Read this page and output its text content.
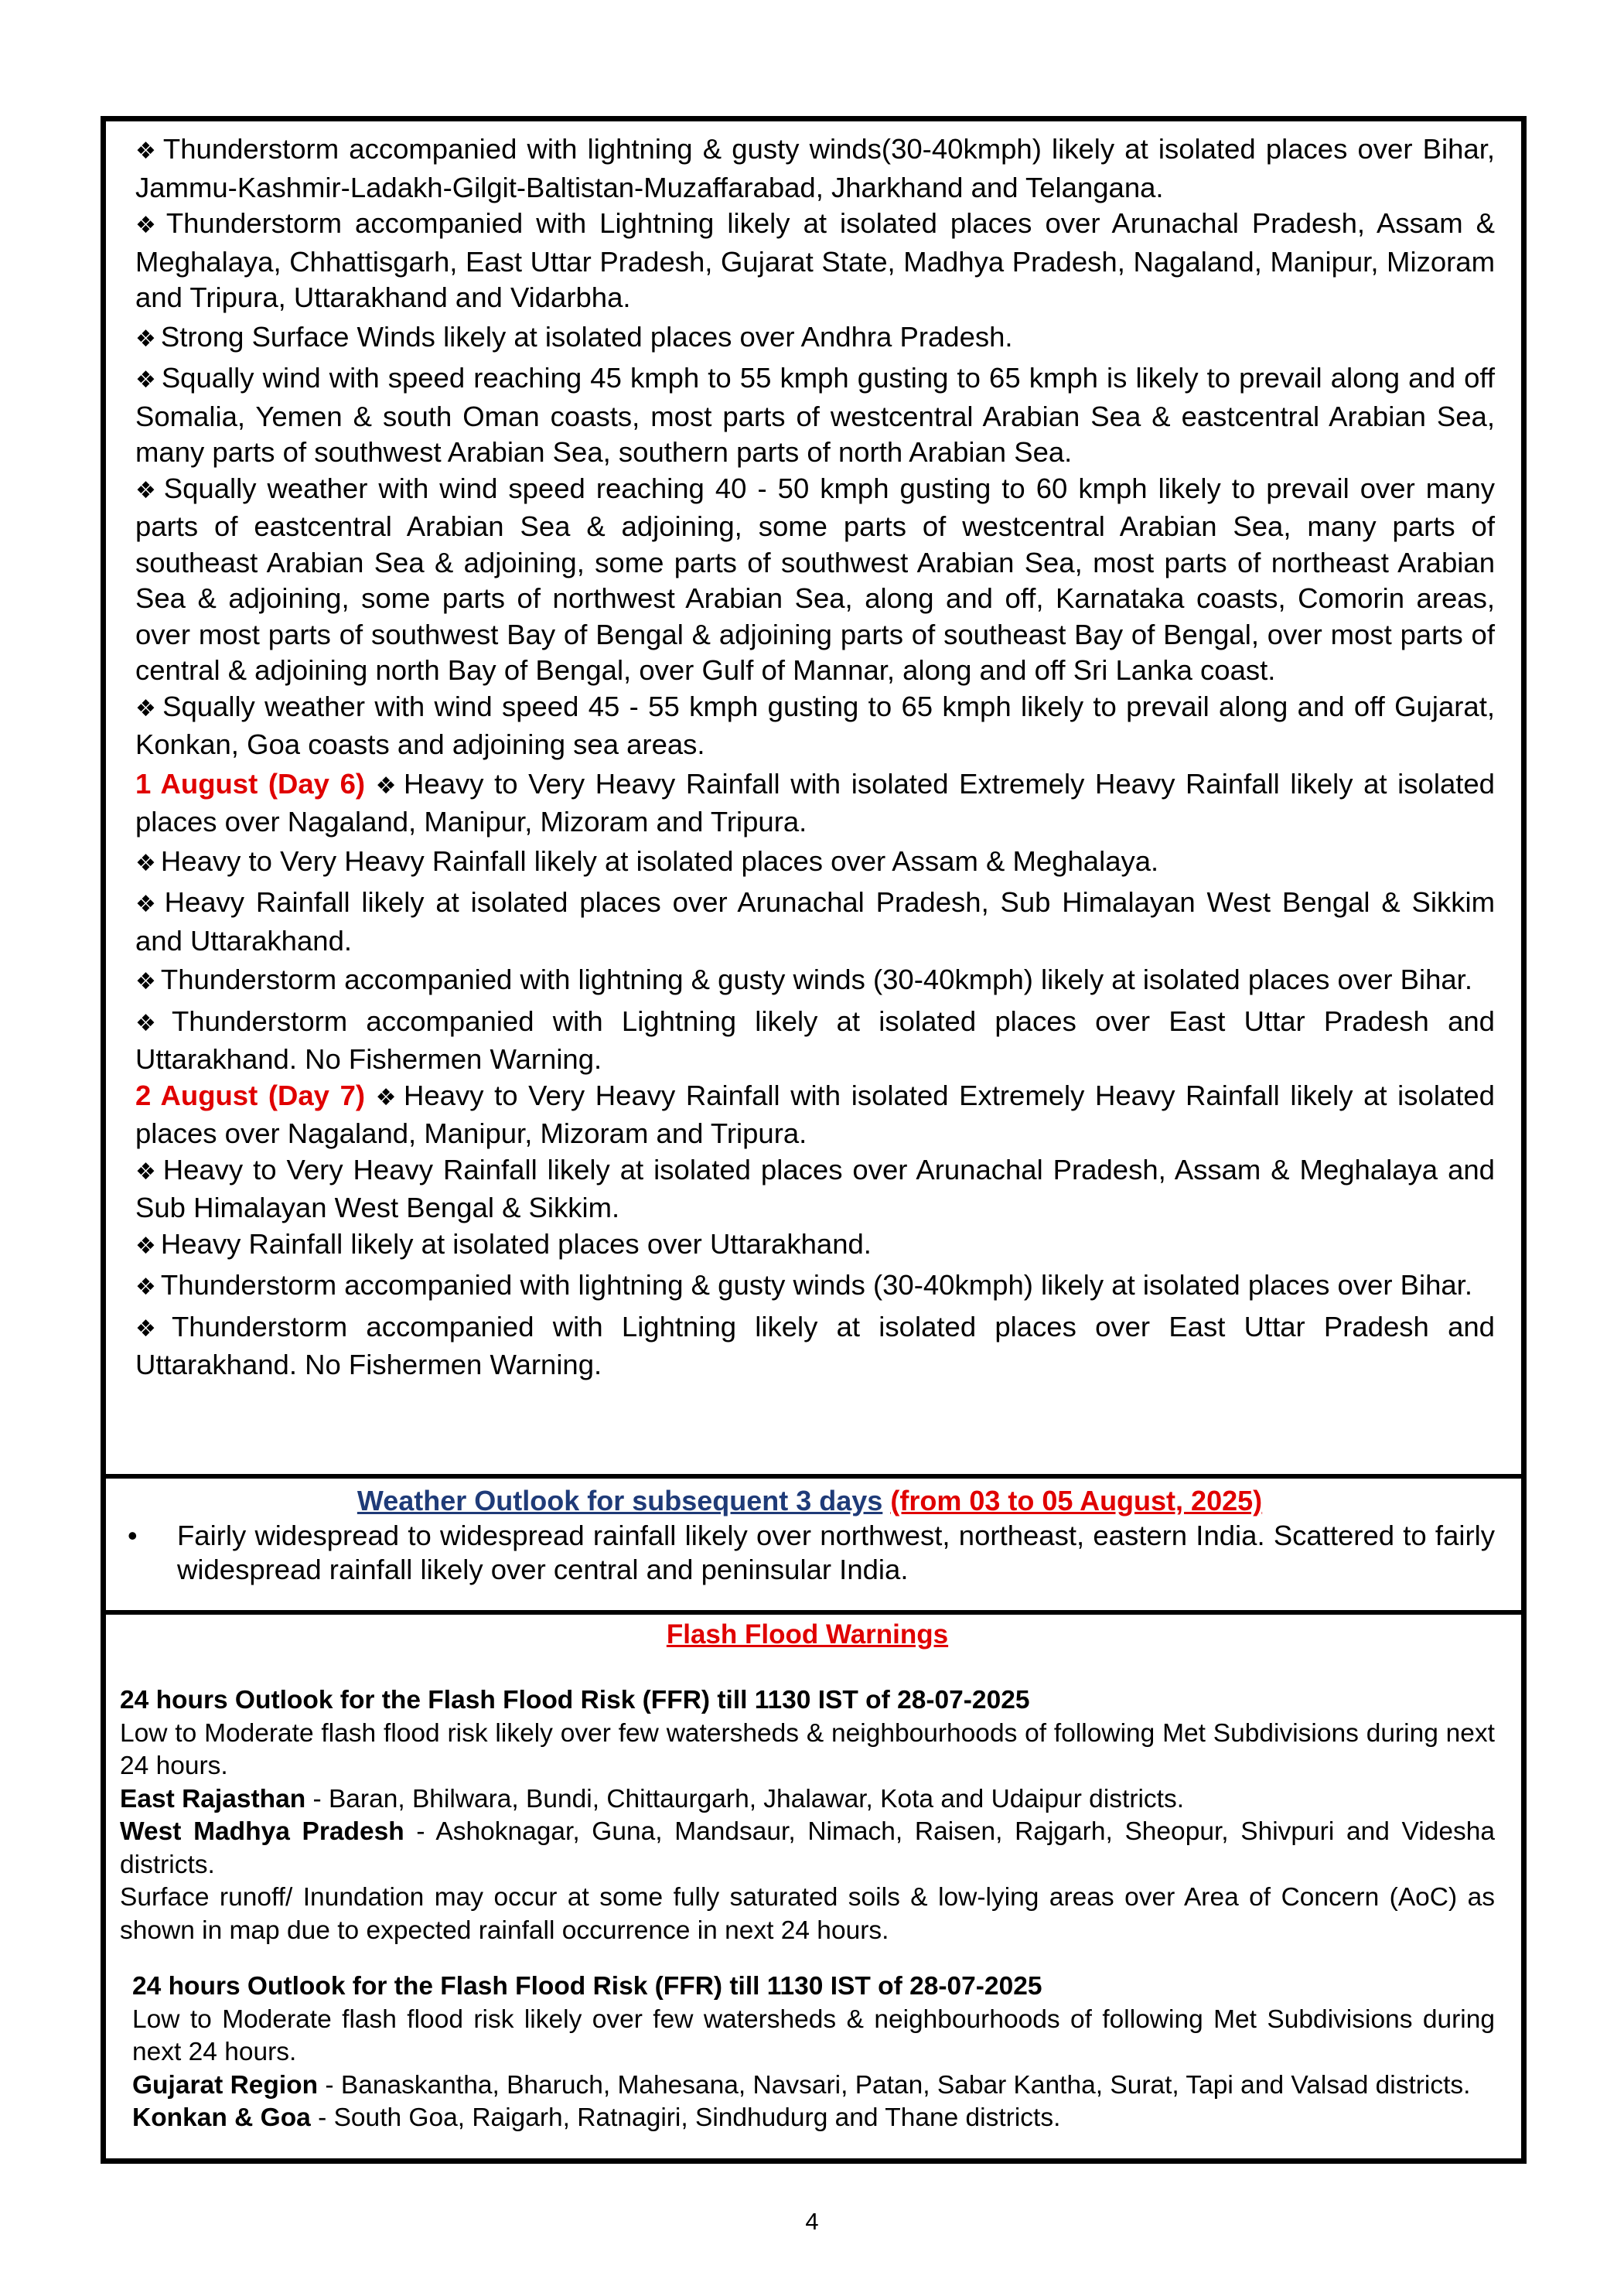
❖ Thunderstorm accompanied with lightning & gusty winds(30-40kmph) likely at isolated places over Bihar, Jammu-Kashmir-Ladakh-Gilgit-Baltistan-Muzaffarabad, Jharkhand and Telangana.

❖ Thunderstorm accompanied with Lightning likely at isolated places over Arunachal Pradesh, Assam & Meghalaya, Chhattisgarh, East Uttar Pradesh, Gujarat State, Madhya Pradesh, Nagaland, Manipur, Mizoram and Tripura, Uttarakhand and Vidarbha.

❖ Strong Surface Winds likely at isolated places over Andhra Pradesh.

❖ Squally wind with speed reaching 45 kmph to 55 kmph gusting to 65 kmph is likely to prevail along and off Somalia, Yemen & south Oman coasts, most parts of westcentral Arabian Sea & eastcentral Arabian Sea, many parts of southwest Arabian Sea, southern parts of north Arabian Sea.

❖ Squally weather with wind speed reaching 40 - 50 kmph gusting to 60 kmph likely to prevail over many parts of eastcentral Arabian Sea & adjoining, some parts of westcentral Arabian Sea, many parts of southeast Arabian Sea & adjoining, some parts of southwest Arabian Sea, most parts of northeast Arabian Sea & adjoining, some parts of northwest Arabian Sea, along and off, Karnataka coasts, Comorin areas, over most parts of southwest Bay of Bengal & adjoining parts of southeast Bay of Bengal, over most parts of central & adjoining north Bay of Bengal, over Gulf of Mannar, along and off Sri Lanka coast.

❖ Squally weather with wind speed 45 - 55 kmph gusting to 65 kmph likely to prevail along and off Gujarat, Konkan, Goa coasts and adjoining sea areas.

1 August (Day 6) ❖ Heavy to Very Heavy Rainfall with isolated Extremely Heavy Rainfall likely at isolated places over Nagaland, Manipur, Mizoram and Tripura.

❖ Heavy to Very Heavy Rainfall likely at isolated places over Assam & Meghalaya.

❖ Heavy Rainfall likely at isolated places over Arunachal Pradesh, Sub Himalayan West Bengal & Sikkim and Uttarakhand.

❖ Thunderstorm accompanied with lightning & gusty winds (30-40kmph) likely at isolated places over Bihar.

❖ Thunderstorm accompanied with Lightning likely at isolated places over East Uttar Pradesh and Uttarakhand. No Fishermen Warning.

2 August (Day 7) ❖ Heavy to Very Heavy Rainfall with isolated Extremely Heavy Rainfall likely at isolated places over Nagaland, Manipur, Mizoram and Tripura.

❖ Heavy to Very Heavy Rainfall likely at isolated places over Arunachal Pradesh, Assam & Meghalaya and Sub Himalayan West Bengal & Sikkim.

❖ Heavy Rainfall likely at isolated places over Uttarakhand.

❖ Thunderstorm accompanied with lightning & gusty winds (30-40kmph) likely at isolated places over Bihar.

❖ Thunderstorm accompanied with Lightning likely at isolated places over East Uttar Pradesh and Uttarakhand. No Fishermen Warning.

Weather Outlook for subsequent 3 days (from 03 to 05 August, 2025)
•	Fairly widespread to widespread rainfall likely over northwest, northeast, eastern India. Scattered to fairly widespread rainfall likely over central and peninsular India.
Flash Flood Warnings

24 hours Outlook for the Flash Flood Risk (FFR) till 1130 IST of 28-07-2025

Low to Moderate flash flood risk likely over few watersheds & neighbourhoods of following Met Subdivisions during next 24 hours.

East Rajasthan - Baran, Bhilwara, Bundi, Chittaurgarh, Jhalawar, Kota and Udaipur districts.

West Madhya Pradesh - Ashoknagar, Guna, Mandsaur, Nimach, Raisen, Rajgarh, Sheopur, Shivpuri and Videsha districts.

Surface runoff/ Inundation may occur at some fully saturated soils & low-lying areas over Area of Concern (AoC) as shown in map due to expected rainfall occurrence in next 24 hours.

24 hours Outlook for the Flash Flood Risk (FFR) till 1130 IST of 28-07-2025

Low to Moderate flash flood risk likely over few watersheds & neighbourhoods of following Met Subdivisions during next 24 hours.

Gujarat Region - Banaskantha, Bharuch, Mahesana, Navsari, Patan, Sabar Kantha, Surat, Tapi and Valsad districts.

Konkan & Goa - South Goa, Raigarh, Ratnagiri, Sindhudurg and Thane districts.

4
